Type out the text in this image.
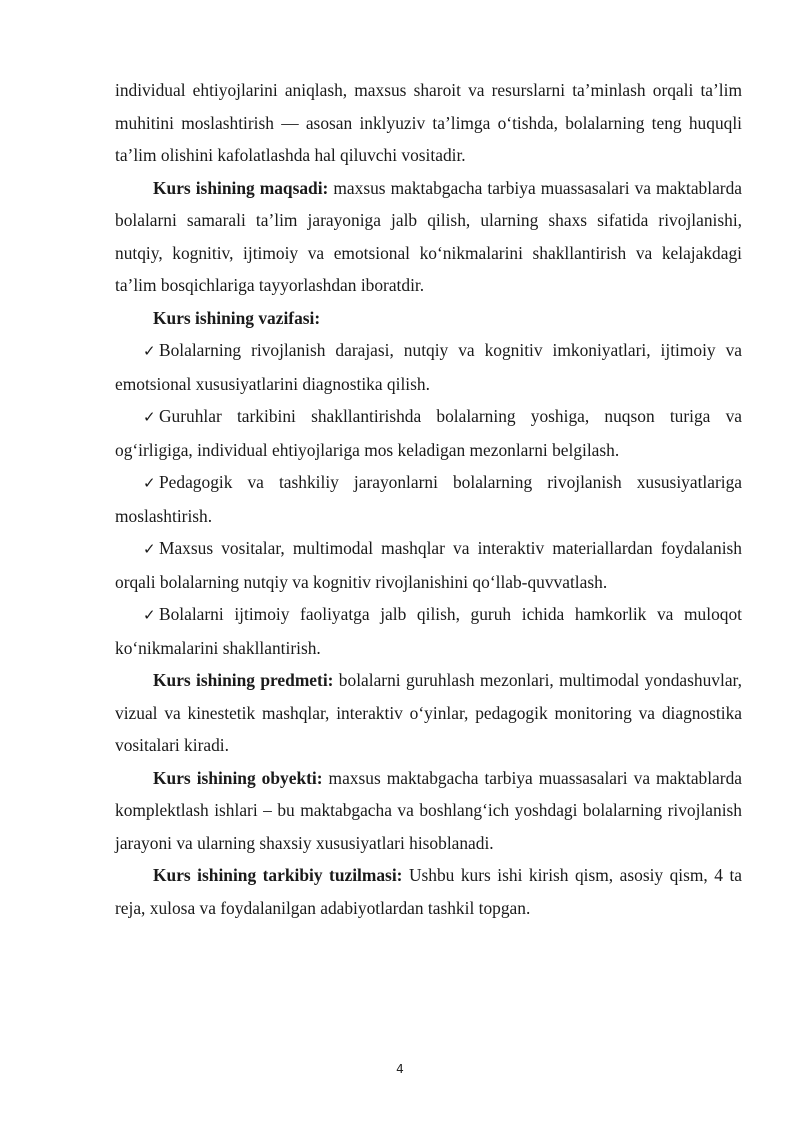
individual ehtiyojlarini aniqlash, maxsus sharoit va resurslarni ta’minlash orqali ta’lim muhitini moslashtirish — asosan inklyuziv ta’limga o‘tishda, bolalarning teng huquqli ta’lim olishini kafolatlashda hal qiluvchi vositadir.

Kurs ishining maqsadi: maxsus maktabgacha tarbiya muassasalari va maktablarda bolalarni samarali ta’lim jarayoniga jalb qilish, ularning shaxs sifatida rivojlanishi, nutqiy, kognitiv, ijtimoiy va emotsional ko‘nikmalarini shakllantirish va kelajakdagi ta’lim bosqichlariga tayyorlashdan iboratdir.

Kurs ishining vazifasi:

✓ Bolalarning rivojlanish darajasi, nutqiy va kognitiv imkoniyatlari, ijtimoiy va emotsional xususiyatlarini diagnostika qilish.

✓ Guruhlar tarkibini shakllantirishda bolalarning yoshiga, nuqson turiga va og‘irligiga, individual ehtiyojlariga mos keladigan mezonlarni belgilash.

✓ Pedagogik va tashkiliy jarayonlarni bolalarning rivojlanish xususiyatlariga moslashtirish.

✓ Maxsus vositalar, multimodal mashqlar va interaktiv materiallardan foydalanish orqali bolalarning nutqiy va kognitiv rivojlanishini qo‘llab-quvvatlash.

✓ Bolalarni ijtimoiy faoliyatga jalb qilish, guruh ichida hamkorlik va muloqot ko‘nikmalarini shakllantirish.

Kurs ishining predmeti: bolalarni guruhlash mezonlari, multimodal yondashuvlar, vizual va kinestetik mashqlar, interaktiv o‘yinlar, pedagogik monitoring va diagnostika vositalari kiradi.

Kurs ishining obyekti: maxsus maktabgacha tarbiya muassasalari va maktablarda komplektlash ishlari – bu maktabgacha va boshlang‘ich yoshdagi bolalarning rivojlanish jarayoni va ularning shaxsiy xususiyatlari hisoblanadi.

Kurs ishining tarkibiy tuzilmasi: Ushbu kurs ishi kirish qism, asosiy qism, 4 ta reja, xulosa va foydalanilgan adabiyotlardan tashkil topgan.

4
